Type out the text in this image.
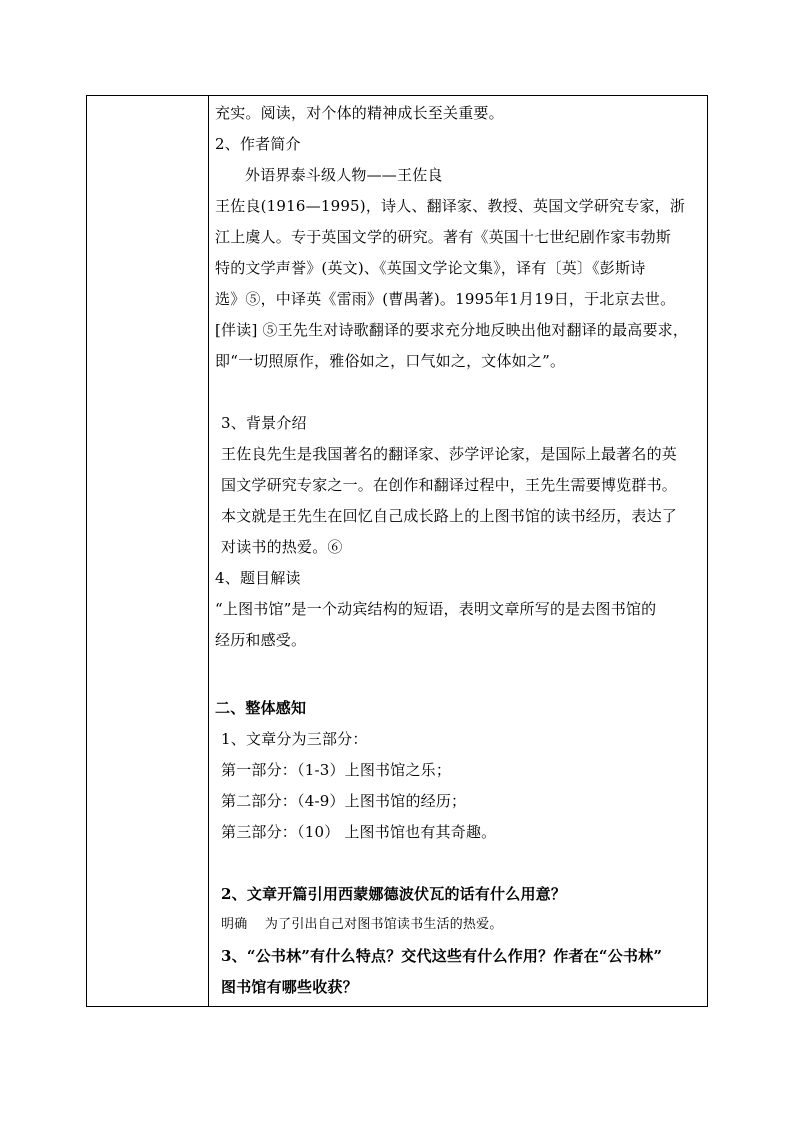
充实。阅读，对个体的精神成长至关重要。
2、作者简介
外语界泰斗级人物——王佐良
王佐良(1916—1995)，诗人、翻译家、教授、英国文学研究专家，浙
江上虞人。专于英国文学的研究。著有《英国十七世纪剧作家韦勃斯
特的文学声誉》(英文)、《英国文学论文集》，译有〔英〕《彭斯诗
选》⑤，中译英《雷雨》(曹禺著)。1995年1月19日，于北京去世。
[伴读] ⑤王先生对诗歌翻译的要求充分地反映出他对翻译的最高要求，
即“一切照原作，雅俗如之，口气如之，文体如之”。
3、背景介绍
王佐良先生是我国著名的翻译家、莎学评论家，是国际上最著名的英
国文学研究专家之一。在创作和翻译过程中，王先生需要博览群书。
本文就是王先生在回忆自己成长路上的上图书馆的读书经历，表达了
对读书的热爱。⑥
4、题目解读
“上图书馆”是一个动宾结构的短语，表明文章所写的是去图书馆的
经历和感受。
二、整体感知
1、文章分为三部分：
第一部分：（1-3）上图书馆之乐；
第二部分：（4-9）上图书馆的经历；
第三部分：（10） 上图书馆也有其奇趣。
2、文章开篇引用西蒙娜德波伏瓦的话有什么用意？
明确　 为了引出自己对图书馆读书生活的热爱。
3、“公书林”有什么特点？交代这些有什么作用？作者在“公书林”
图书馆有哪些收获？
